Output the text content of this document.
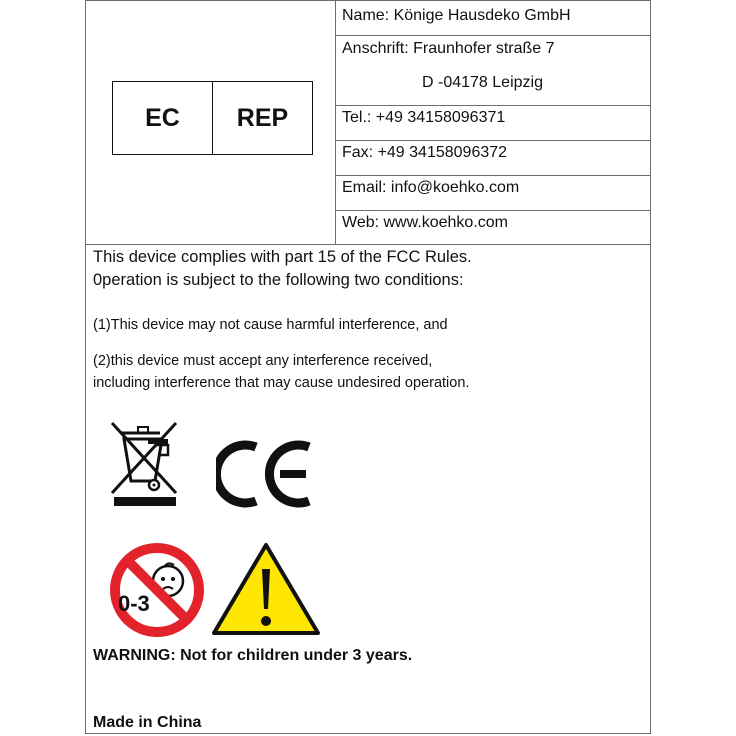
EC	REP
Name: Könige Hausdeko GmbH
Anschrift: Fraunhofer straße 7
D -04178 Leipzig
Tel.: +49 34158096371
Fax: +49 34158096372
Email: info@koehko.com
Web: www.koehko.com
This device complies with part 15 of the FCC Rules.
0peration is subject to the following two conditions:
(1)This device may not cause harmful interference, and
(2)this device must accept any interference received,
including interference that may cause undesired operation.
0-3
WARNING: Not for children under 3 years.
Made in China
